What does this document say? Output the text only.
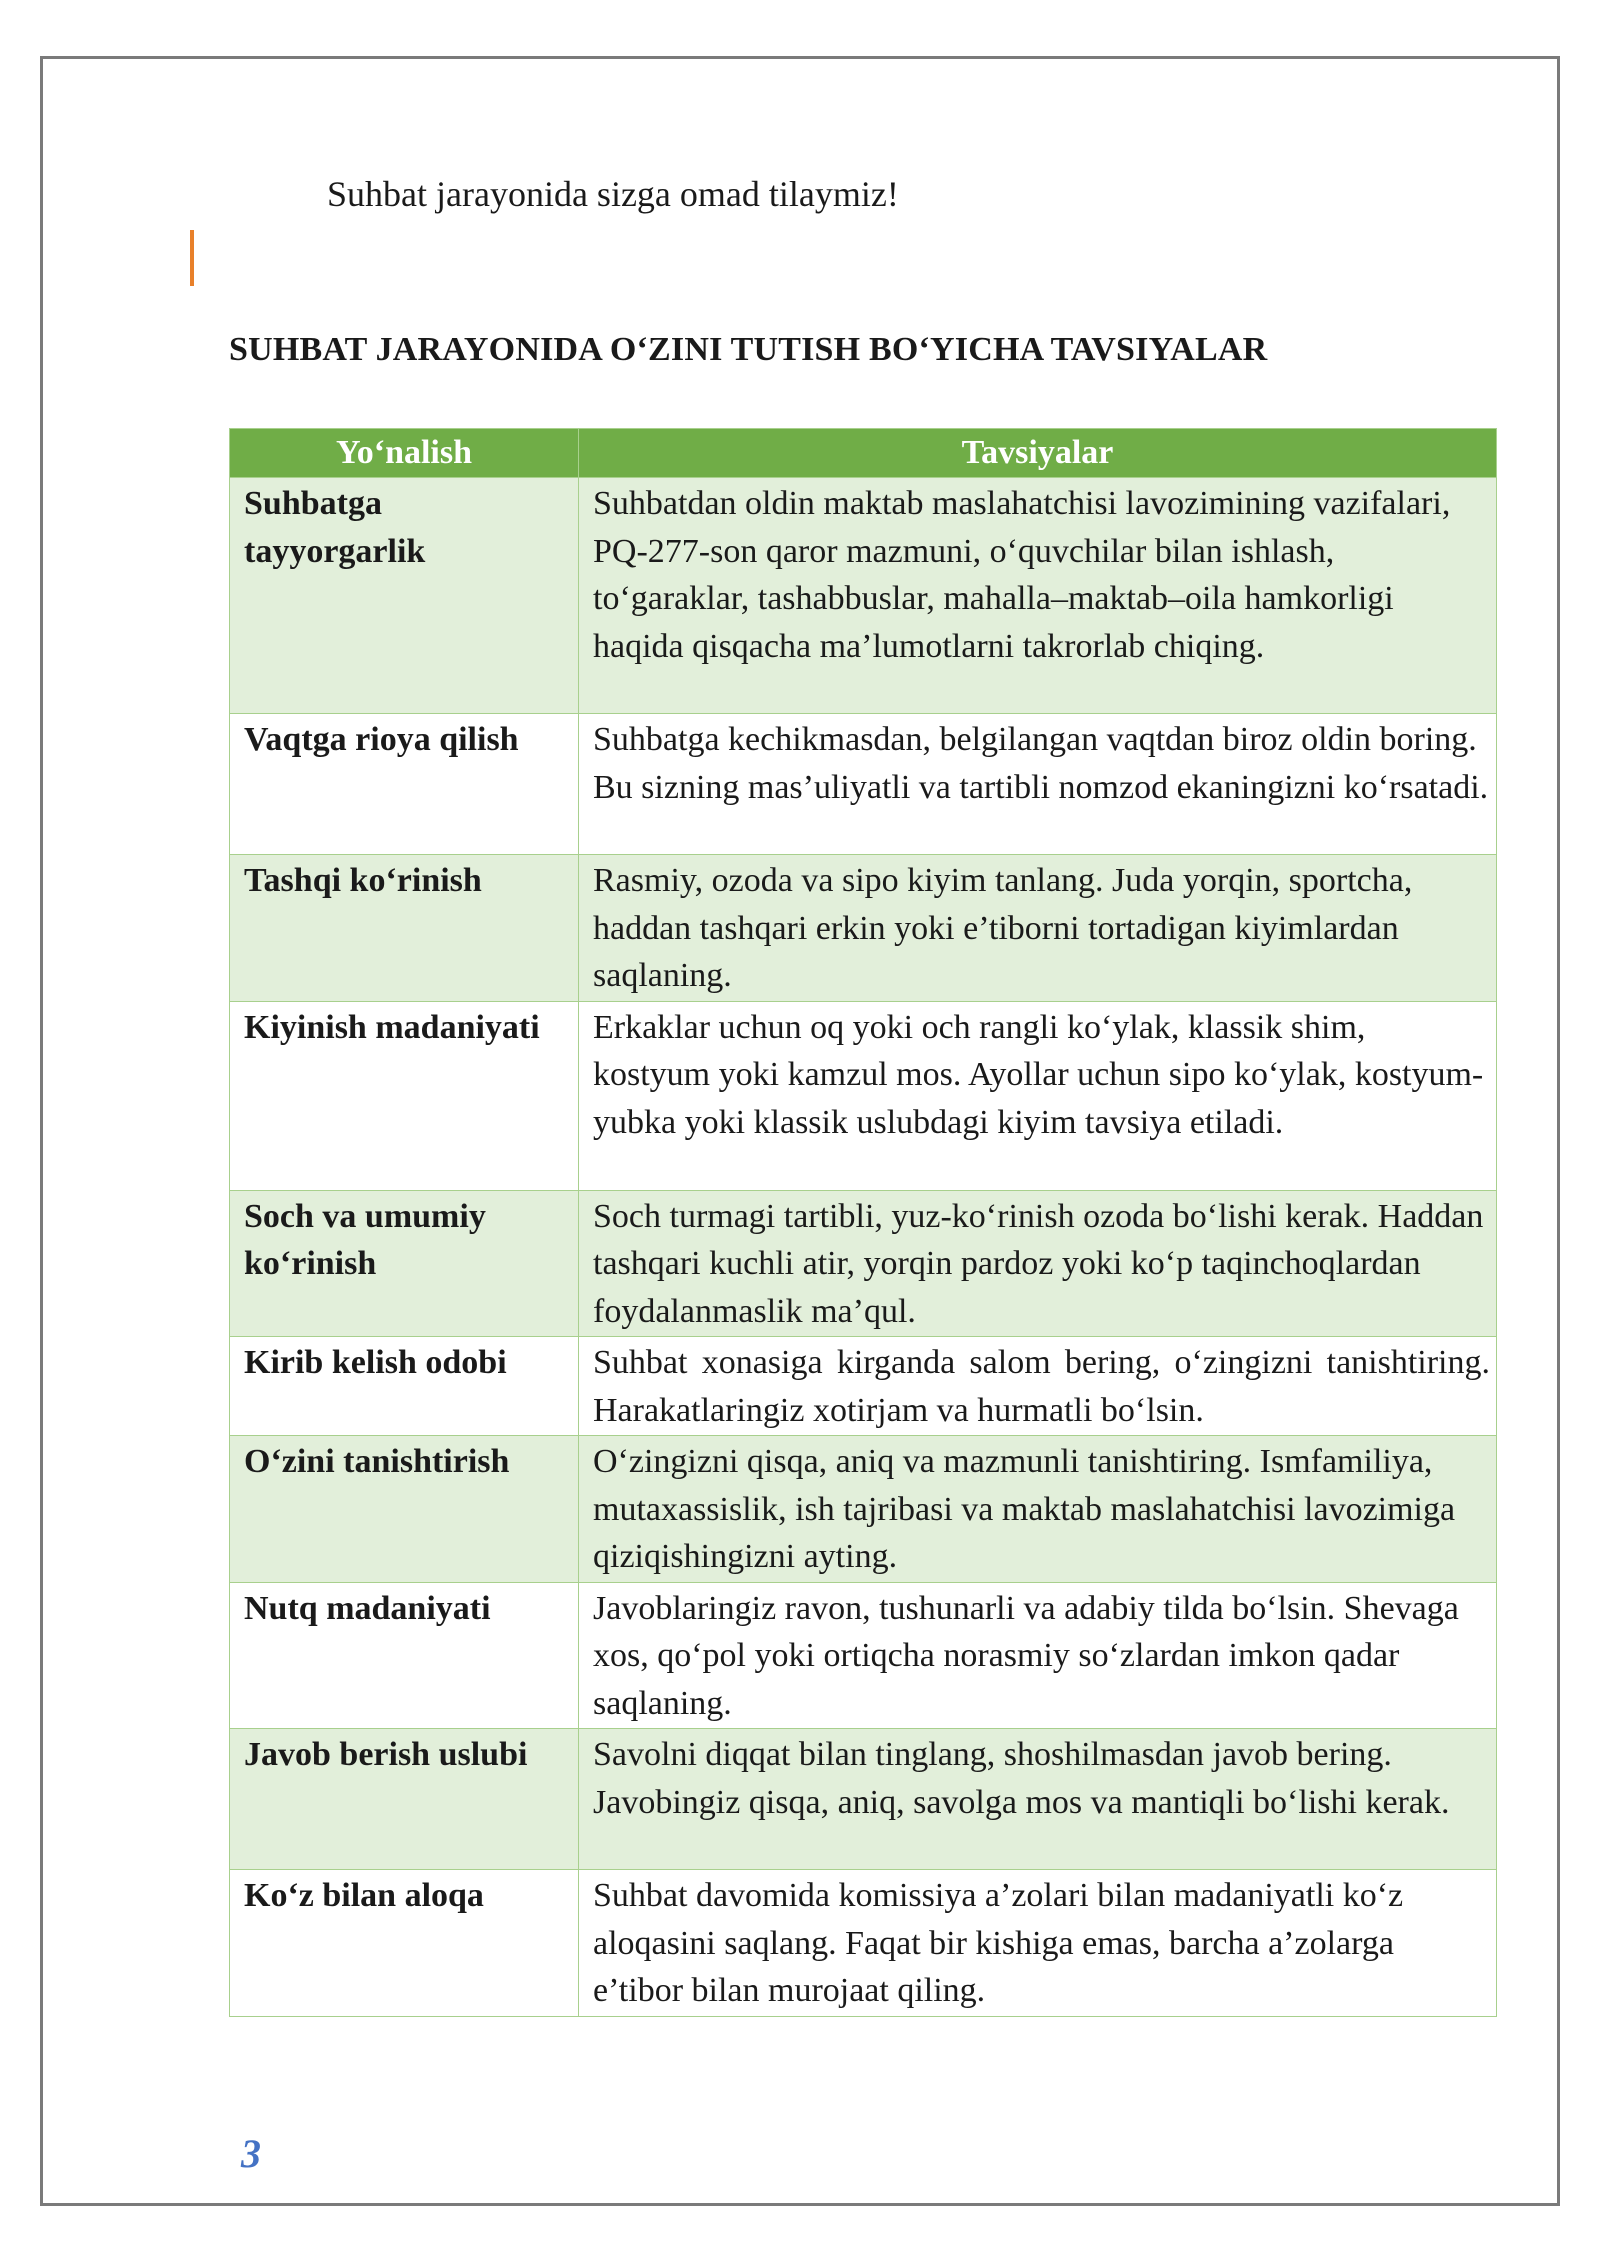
Suhbat jarayonida sizga omad tilaymiz!
SUHBAT JARAYONIDA O‘ZINI TUTISH BO‘YICHA TAVSIYALAR
Yo‘nalish	Tavsiyalar
Suhbatga tayyorgarlik	Suhbatdan oldin maktab maslahatchisi lavozimining vazifalari, PQ-277-son qaror mazmuni, o‘quvchilar bilan ishlash, to‘garaklar, tashabbuslar, mahalla–maktab–oila hamkorligi haqida qisqacha ma’lumotlarni takrorlab chiqing.
Vaqtga rioya qilish	Suhbatga kechikmasdan, belgilangan vaqtdan biroz oldin boring. Bu sizning mas’uliyatli va tartibli nomzod ekaningizni ko‘rsatadi.
Tashqi ko‘rinish	Rasmiy, ozoda va sipo kiyim tanlang. Juda yorqin, sportcha, haddan tashqari erkin yoki e’tiborni tortadigan kiyimlardan saqlaning.
Kiyinish madaniyati	Erkaklar uchun oq yoki och rangli ko‘ylak, klassik shim, kostyum yoki kamzul mos. Ayollar uchun sipo ko‘ylak, kostyum-yubka yoki klassik uslubdagi kiyim tavsiya etiladi.
Soch va umumiy ko‘rinish	Soch turmagi tartibli, yuz-ko‘rinish ozoda bo‘lishi kerak. Haddan tashqari kuchli atir, yorqin pardoz yoki ko‘p taqinchoqlardan foydalanmaslik ma’qul.
Kirib kelish odobi	Suhbat xonasiga kirganda salom bering, o‘zingizni tanishtiring. Harakatlaringiz xotirjam va hurmatli bo‘lsin.
O‘zini tanishtirish	O‘zingizni qisqa, aniq va mazmunli tanishtiring. Ismfamiliya, mutaxassislik, ish tajribasi va maktab maslahatchisi lavozimiga qiziqishingizni ayting.
Nutq madaniyati	Javoblaringiz ravon, tushunarli va adabiy tilda bo‘lsin. Shevaga xos, qo‘pol yoki ortiqcha norasmiy so‘zlardan imkon qadar saqlaning.
Javob berish uslubi	Savolni diqqat bilan tinglang, shoshilmasdan javob bering. Javobingiz qisqa, aniq, savolga mos va mantiqli bo‘lishi kerak.
Ko‘z bilan aloqa	Suhbat davomida komissiya a’zolari bilan madaniyatli ko‘z aloqasini saqlang. Faqat bir kishiga emas, barcha a’zolarga e’tibor bilan murojaat qiling.
3
